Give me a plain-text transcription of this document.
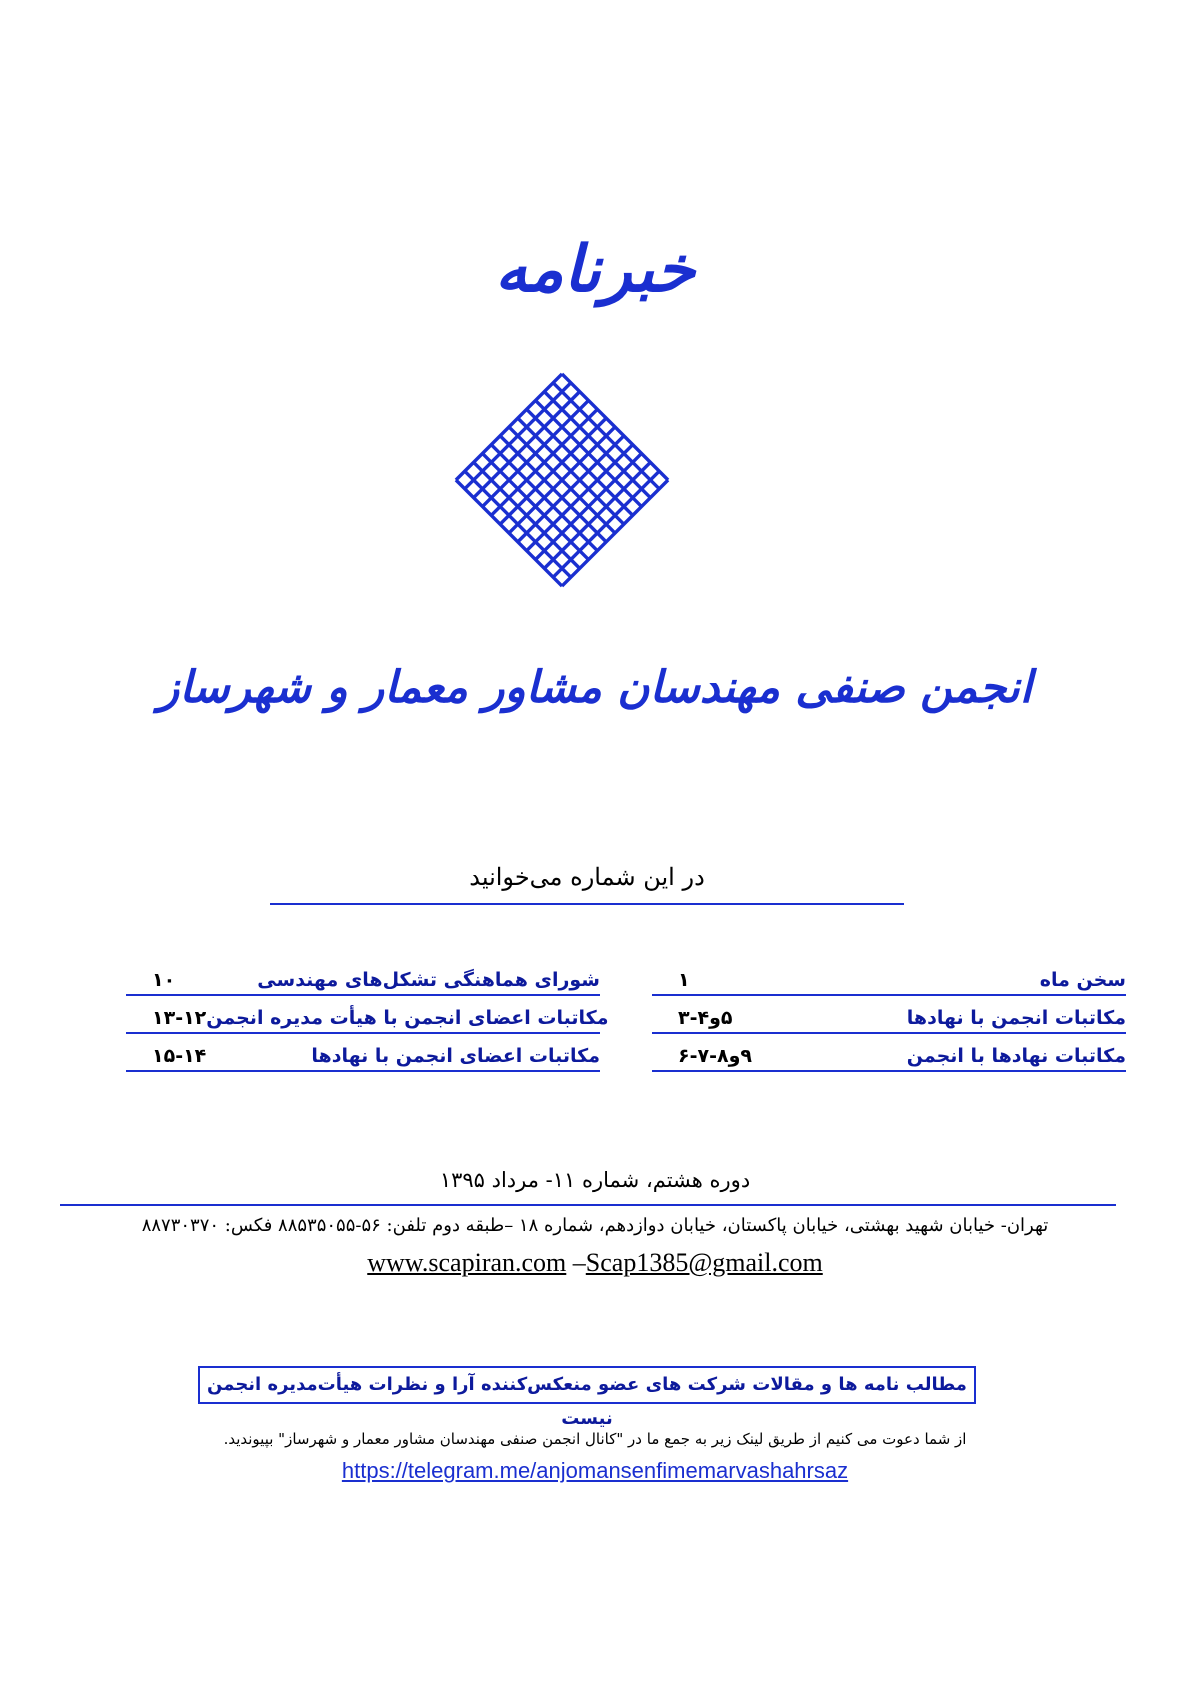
خبرنامه
انجمن صنفی مهندسان مشاور معمار و شهرساز
در این شماره می‌خوانید
۱	سخن ماه
۵و۴-۳	مکاتبات انجمن با نهادها
۹و۸-۷-۶	مکاتبات نهادها با انجمن
۱۰	شورای هماهنگی تشکل‌های مهندسی
۱۳-۱۲ مکاتبات اعضای انجمن با هیأت مدیره انجمن
۱۵-۱۴	مکاتبات اعضای انجمن با نهادها
دوره هشتم، شماره ۱۱- مرداد ۱۳۹۵
تهران- خیابان شهید بهشتی، خیابان پاکستان، خیابان دوازدهم، شماره ۱۸ –طبقه دوم تلفن: ۵۶-۸۸۵۳۵۰۵۵ فکس: ۸۸۷۳۰۳۷۰
www.scapiran.com –Scap1385@gmail.com
مطالب نامه ها و مقالات شرکت های عضو منعکس‌کننده آرا و نظرات هیأت‌مدیره انجمن نیست
از شما دعوت می کنیم از طریق لینک زیر به جمع ما در "کانال انجمن صنفی مهندسان مشاور معمار و شهرساز" بپیوندید.
https://telegram.me/anjomansenfimemarvashahrsaz
